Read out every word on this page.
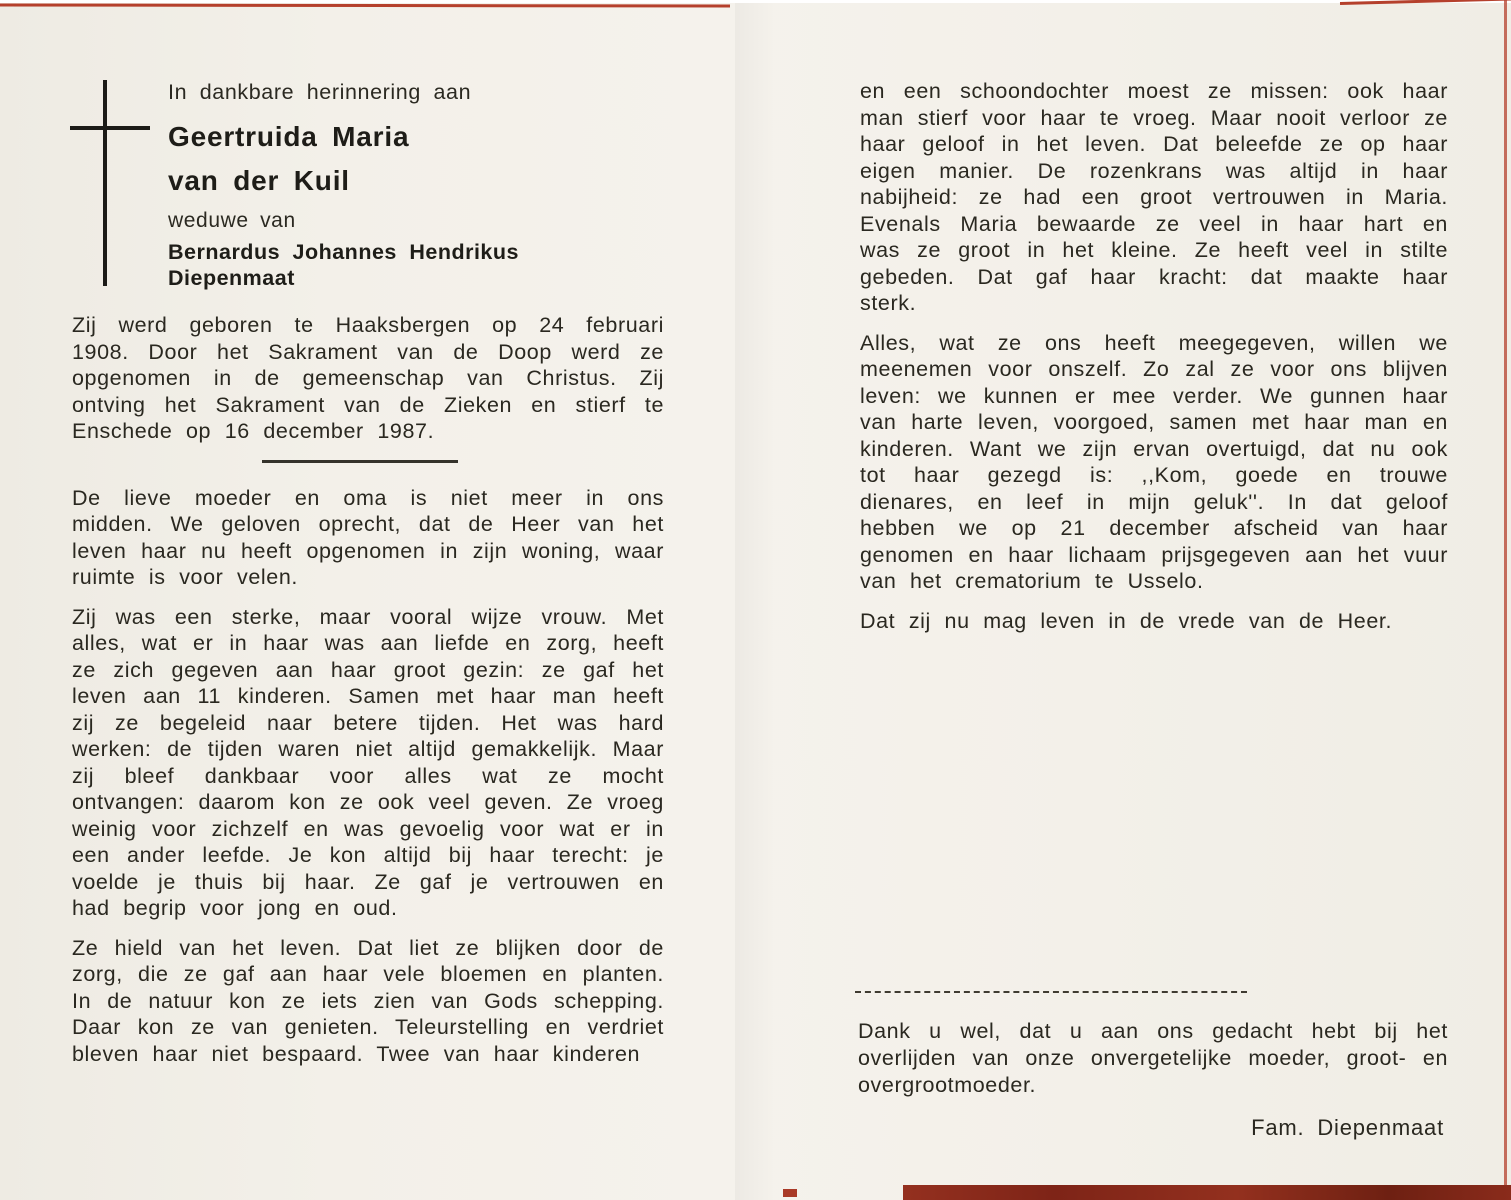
In dankbare herinnering aan
Geertruida Maria
van der Kuil
weduwe van
Bernardus Johannes Hendrikus
Diepenmaat

Zij werd geboren te Haaksbergen op 24 februari 1908. Door het Sakrament van de Doop werd ze opgenomen in de gemeenschap van Christus. Zij ontving het Sakrament van de Zieken en stierf te Enschede op 16 december 1987.

De lieve moeder en oma is niet meer in ons midden. We geloven oprecht, dat de Heer van het leven haar nu heeft opgenomen in zijn woning, waar ruimte is voor velen.

Zij was een sterke, maar vooral wijze vrouw. Met alles, wat er in haar was aan liefde en zorg, heeft ze zich gegeven aan haar groot gezin: ze gaf het leven aan 11 kinderen. Samen met haar man heeft zij ze begeleid naar betere tijden. Het was hard werken: de tijden waren niet altijd gemakkelijk. Maar zij bleef dankbaar voor alles wat ze mocht ontvangen: daarom kon ze ook veel geven. Ze vroeg weinig voor zichzelf en was gevoelig voor wat er in een ander leefde. Je kon altijd bij haar terecht: je voelde je thuis bij haar. Ze gaf je vertrouwen en had begrip voor jong en oud.

Ze hield van het leven. Dat liet ze blijken door de zorg, die ze gaf aan haar vele bloemen en planten. In de natuur kon ze iets zien van Gods schepping. Daar kon ze van genieten. Teleurstelling en verdriet bleven haar niet bespaard. Twee van haar kinderen

en een schoondochter moest ze missen: ook haar man stierf voor haar te vroeg. Maar nooit verloor ze haar geloof in het leven. Dat beleefde ze op haar eigen manier. De rozenkrans was altijd in haar nabijheid: ze had een groot vertrouwen in Maria. Evenals Maria bewaarde ze veel in haar hart en was ze groot in het kleine. Ze heeft veel in stilte gebeden. Dat gaf haar kracht: dat maakte haar sterk.

Alles, wat ze ons heeft meegegeven, willen we meenemen voor onszelf. Zo zal ze voor ons blijven leven: we kunnen er mee verder. We gunnen haar van harte leven, voorgoed, samen met haar man en kinderen. Want we zijn ervan overtuigd, dat nu ook tot haar gezegd is: ,,Kom, goede en trouwe dienares, en leef in mijn geluk''. In dat geloof hebben we op 21 december afscheid van haar genomen en haar lichaam prijsgegeven aan het vuur van het crematorium te Usselo.

Dat zij nu mag leven in de vrede van de Heer.

Dank u wel, dat u aan ons gedacht hebt bij het overlijden van onze onvergetelijke moeder, groot- en overgrootmoeder.
Fam. Diepenmaat
